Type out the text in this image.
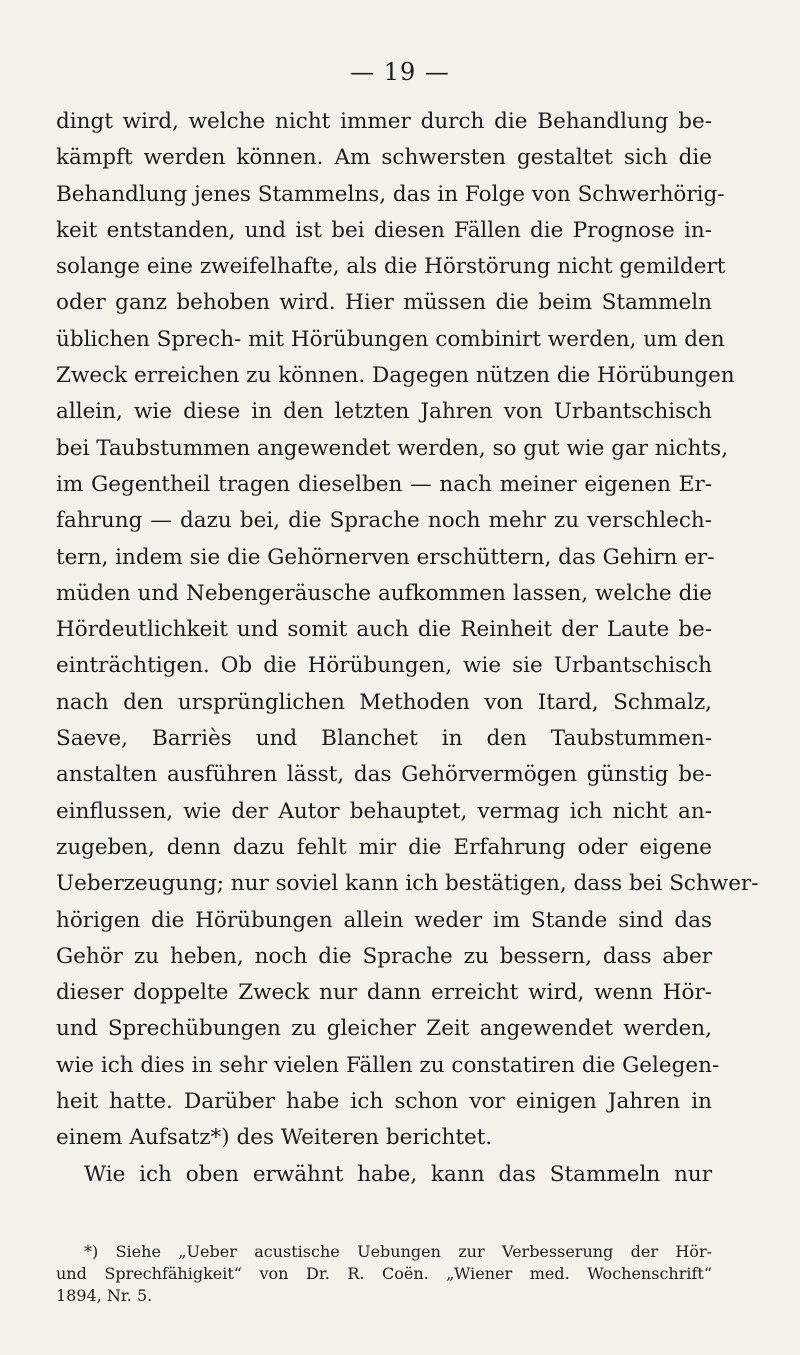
— 19 —
dingt wird, welche nicht immer durch die Behandlung be-
kämpft werden können. Am schwersten gestaltet sich die
Behandlung jenes Stammelns, das in Folge von Schwerhörig-
keit entstanden, und ist bei diesen Fällen die Prognose in-
solange eine zweifelhafte, als die Hörstörung nicht gemildert
oder ganz behoben wird. Hier müssen die beim Stammeln
üblichen Sprech- mit Hörübungen combinirt werden, um den
Zweck erreichen zu können. Dagegen nützen die Hörübungen
allein, wie diese in den letzten Jahren von Urbantschisch
bei Taubstummen angewendet werden, so gut wie gar nichts,
im Gegentheil tragen dieselben — nach meiner eigenen Er-
fahrung — dazu bei, die Sprache noch mehr zu verschlech-
tern, indem sie die Gehörnerven erschüttern, das Gehirn er-
müden und Nebengeräusche aufkommen lassen, welche die
Hördeutlichkeit und somit auch die Reinheit der Laute be-
einträchtigen. Ob die Hörübungen, wie sie Urbantschisch
nach den ursprünglichen Methoden von Itard, Schmalz,
Saeve, Barriès und Blanchet in den Taubstummen-
anstalten ausführen lässt, das Gehörvermögen günstig be-
einflussen, wie der Autor behauptet, vermag ich nicht an-
zugeben, denn dazu fehlt mir die Erfahrung oder eigene
Ueberzeugung; nur soviel kann ich bestätigen, dass bei Schwer-
hörigen die Hörübungen allein weder im Stande sind das
Gehör zu heben, noch die Sprache zu bessern, dass aber
dieser doppelte Zweck nur dann erreicht wird, wenn Hör-
und Sprechübungen zu gleicher Zeit angewendet werden,
wie ich dies in sehr vielen Fällen zu constatiren die Gelegen-
heit hatte. Darüber habe ich schon vor einigen Jahren in
einem Aufsatz*) des Weiteren berichtet.
Wie ich oben erwähnt habe, kann das Stammeln nur
*) Siehe „Ueber acustische Uebungen zur Verbesserung der Hör-
und Sprechfähigkeit“ von Dr. R. Coën. „Wiener med. Wochenschrift“
1894, Nr. 5.
